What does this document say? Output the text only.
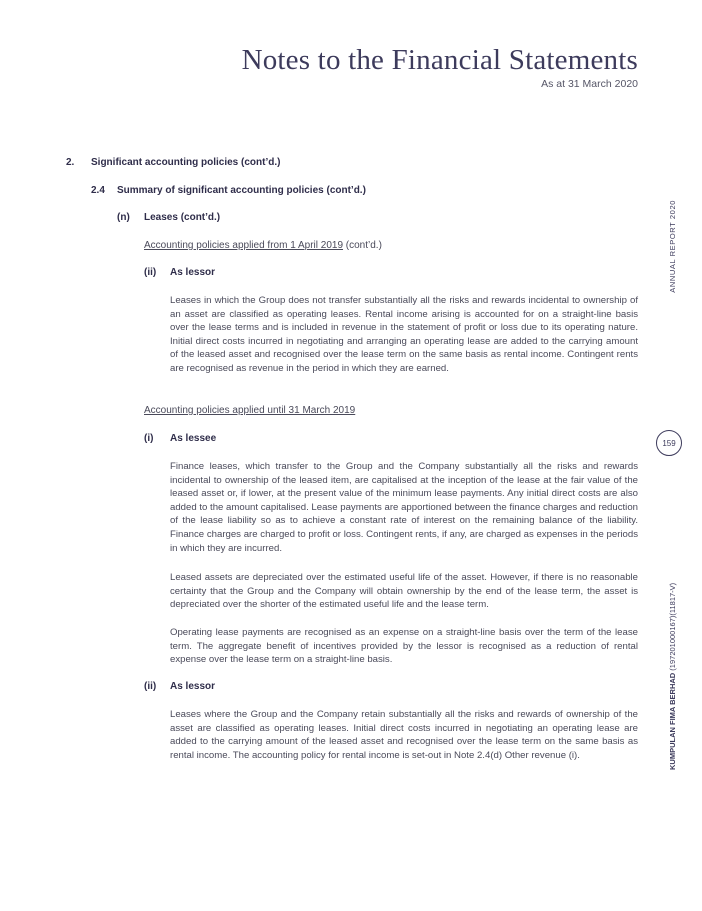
Notes to the Financial Statements
As at 31 March 2020
ANNUAL REPORT 2020
159
KUMPULAN FIMA BERHAD (197201000167)(11817-V)
2. Significant accounting policies (cont’d.)
2.4 Summary of significant accounting policies (cont’d.)
(n) Leases (cont’d.)
Accounting policies applied from 1 April 2019 (cont’d.)
(ii) As lessor

Leases in which the Group does not transfer substantially all the risks and rewards incidental to ownership of an asset are classified as operating leases. Rental income arising is accounted for on a straight-line basis over the lease terms and is included in revenue in the statement of profit or loss due to its operating nature. Initial direct costs incurred in negotiating and arranging an operating lease are added to the carrying amount of the leased asset and recognised over the lease term on the same basis as rental income. Contingent rents are recognised as revenue in the period in which they are earned.

Accounting policies applied until 31 March 2019
(i) As lessee

Finance leases, which transfer to the Group and the Company substantially all the risks and rewards incidental to ownership of the leased item, are capitalised at the inception of the lease at the fair value of the leased asset or, if lower, at the present value of the minimum lease payments. Any initial direct costs are also added to the amount capitalised. Lease payments are apportioned between the finance charges and reduction of the lease liability so as to achieve a constant rate of interest on the remaining balance of the liability. Finance charges are charged to profit or loss. Contingent rents, if any, are charged as expenses in the periods in which they are incurred.

Leased assets are depreciated over the estimated useful life of the asset. However, if there is no reasonable certainty that the Group and the Company will obtain ownership by the end of the lease term, the asset is depreciated over the shorter of the estimated useful life and the lease term.

Operating lease payments are recognised as an expense on a straight-line basis over the term of the lease term. The aggregate benefit of incentives provided by the lessor is recognised as a reduction of rental expense over the lease term on a straight-line basis.

(ii) As lessor

Leases where the Group and the Company retain substantially all the risks and rewards of ownership of the asset are classified as operating leases. Initial direct costs incurred in negotiating an operating lease are added to the carrying amount of the leased asset and recognised over the lease term on the same basis as rental income. The accounting policy for rental income is set-out in Note 2.4(d) Other revenue (i).
